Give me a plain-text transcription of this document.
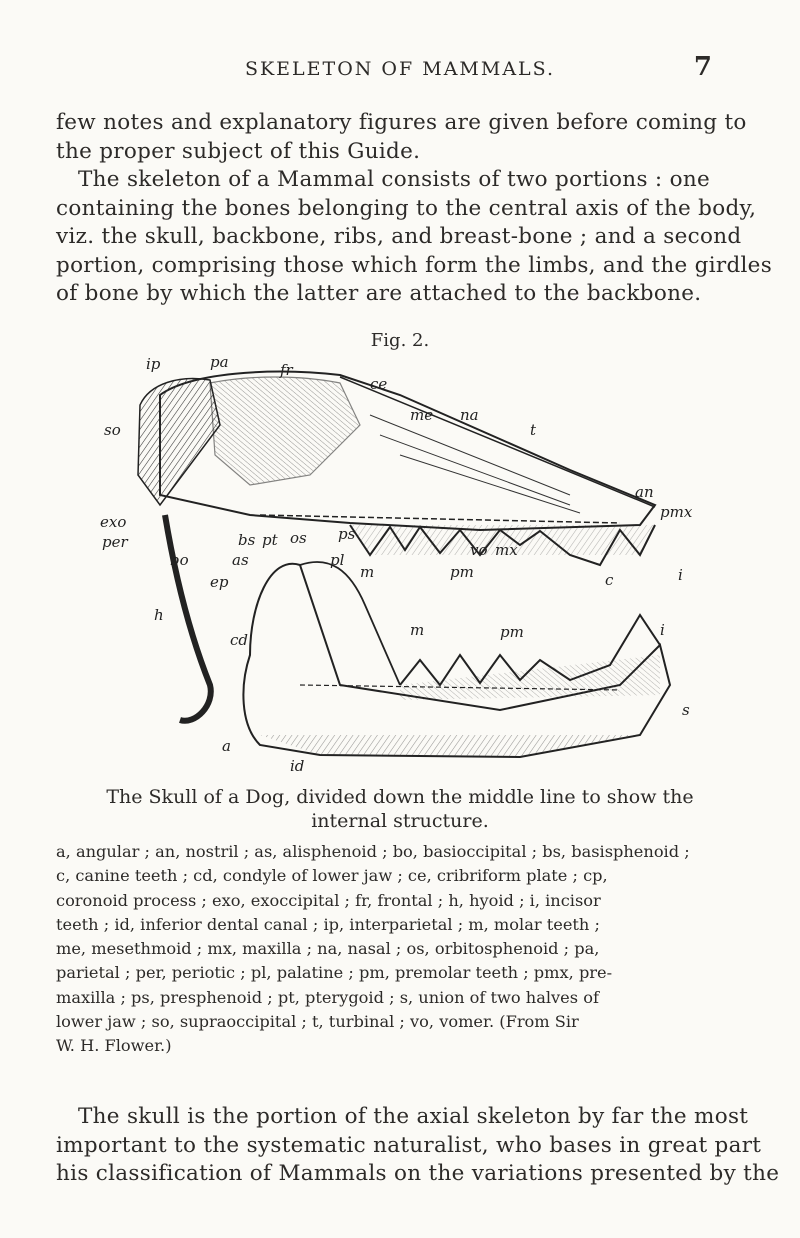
SKELETON OF MAMMALS.	7

few notes and explanatory figures are given before coming to
the proper subject of this Guide.
The skeleton of a Mammal consists of two portions : one
containing the bones belonging to the central axis of the body,
viz. the skull, backbone, ribs, and breast-bone ; and a second
portion, comprising those which form the limbs, and the girdles
of bone by which the latter are attached to the backbone.

Fig. 2.
ip	pa	fr
ce
me na
t
so
an
pmx
exo
per	bs pt os ps
as
bo	pl
vo mx
m	pm	c	i
ep
h
cd
m	pm	i
a
s
id
The Skull of a Dog, divided down the middle line to show the
internal structure.

a, angular ; an, nostril ; as, alisphenoid ; bo, basioccipital ; bs, basisphenoid ;
c, canine teeth ; cd, condyle of lower jaw ; ce, cribriform plate ; cp,
coronoid process ; exo, exoccipital ; fr, frontal ; h, hyoid ; i, incisor
teeth ; id, inferior dental canal ; ip, interparietal ; m, molar teeth ;
me, mesethmoid ; mx, maxilla ; na, nasal ; os, orbitosphenoid ; pa,
parietal ; per, periotic ; pl, palatine ; pm, premolar teeth ; pmx, pre-
maxilla ; ps, presphenoid ; pt, pterygoid ; s, union of two halves of
lower jaw ; so, supraoccipital ; t, turbinal ; vo, vomer. (From Sir
W. H. Flower.)

The skull is the portion of the axial skeleton by far the most
important to the systematic naturalist, who bases in great part
his classification of Mammals on the variations presented by the
